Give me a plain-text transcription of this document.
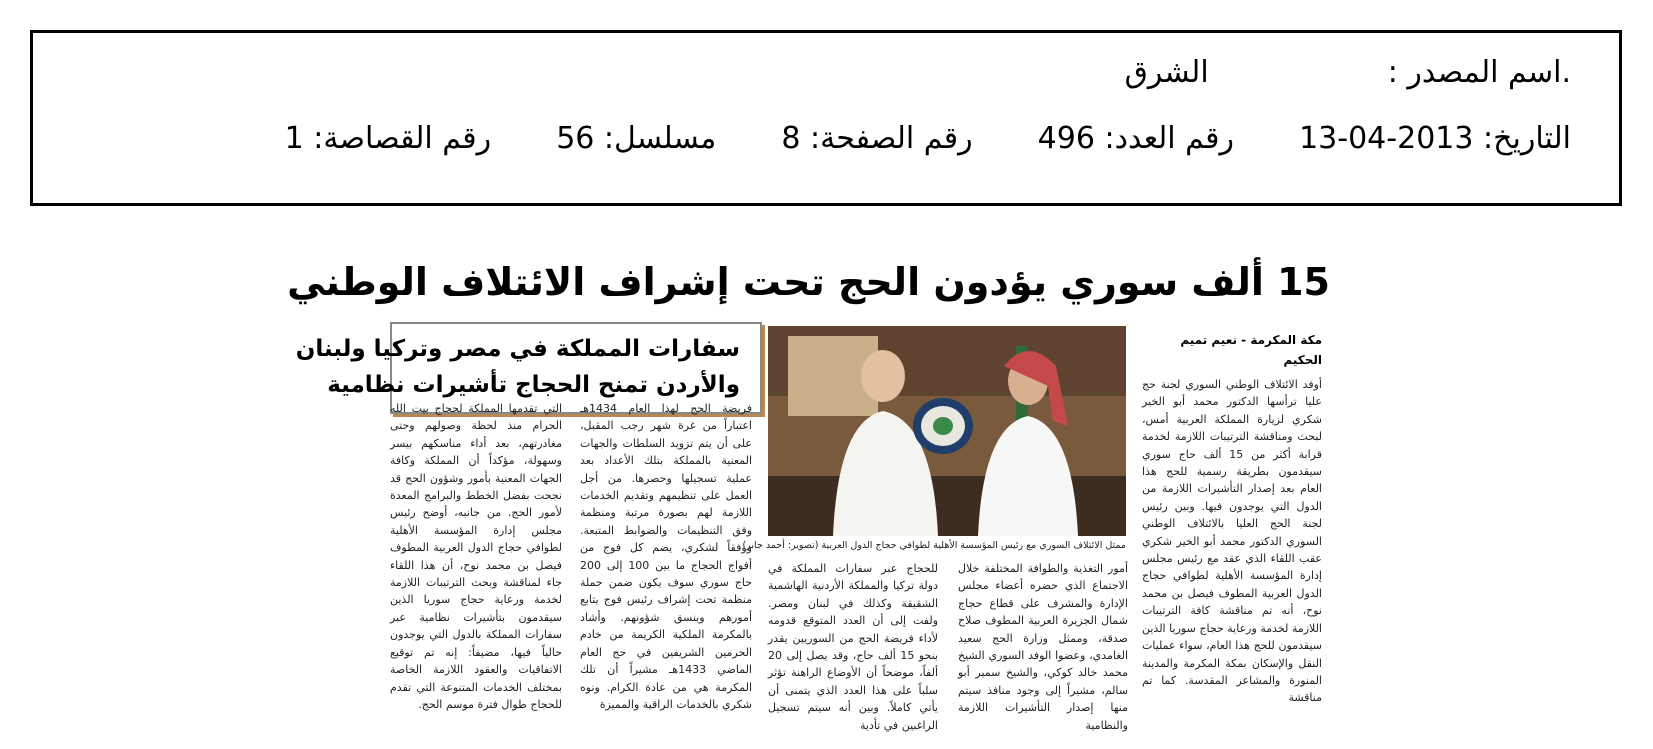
.اسم المصدر :  الشرق
التاريخ: 2013-04-13  رقم العدد: 496  رقم الصفحة: 8  مسلسل: 56  رقم القصاصة: 1
15 ألف سوري يؤدون الحج تحت إشراف الائتلاف الوطني
مكة المكرمة - نعيم تميم الحكيم

أوفد الائتلاف الوطني السوري لجنة حج عليا ترأسها الدكتور محمد أبو الخير شكري لزيارة المملكة العربية أمس، لبحث ومناقشة الترتيبات اللازمة لخدمة قرابة أكثر من 15 ألف حاج سوري سيقدمون بطريقة رسمية للحج هذا العام بعد إصدار التأشيرات اللازمة من الدول التي يوجدون فيها. وبين رئيس لجنة الحج العليا بالائتلاف الوطني السوري الدكتور محمد أبو الخير شكري عقب اللقاء الذي عقد مع رئيس مجلس إدارة المؤسسة الأهلية لطوافي حجاج الدول العربية المطوف فيصل بن محمد نوح، أنه تم مناقشة كافة الترتيبات اللازمة لخدمة ورعاية حجاج سوريا الذين سيقدمون للحج هذا العام، سواء عمليات النقل والإسكان بمكة المكرمة والمدينة المنورة والمشاعر المقدسة. كما تم مناقشة

ممثل الائتلاف السوري مع رئيس المؤسسة الأهلية لطوافي حجاج الدول العربية (تصوير: أحمد جابر)

أمور التغذية والطوافة المختلفة خلال الاجتماع الذي حضره أعضاء مجلس الإدارة والمشرف على قطاع حجاج شمال الجزيرة العربية المطوف صلاح صدقة، وممثل وزارة الحج سعيد الغامدي، وعضوا الوفد السوري الشيخ محمد خالد كوكي، والشيخ سمير أبو سالم، مشيراً إلى وجود منافذ سيتم منها إصدار التأشيرات اللازمة والنظامية

للحجاج عبر سفارات المملكة في دولة تركيا والمملكة الأردنية الهاشمية الشقيقة وكذلك في لبنان ومصر. ولفت إلى أن العدد المتوقع قدومه لأداء فريضة الحج من السوريين يقدر بنحو 15 ألف حاج، وقد يصل إلى 20 ألفاً، موضحاً أن الأوضاع الراهنة تؤثر سلباً على هذا العدد الذي يتمنى أن يأتي كاملاً. وبين أنه سيتم تسجيل الراغبين في تأدية

سفارات المملكة في مصر وتركيا ولبنان
والأردن تمنح الحجاج تأشيرات نظامية

فريضة الحج لهذا العام 1434هـ اعتباراً من غرة شهر رجب المقبل، على أن يتم تزويد السلطات والجهات المعنية بالمملكة بتلك الأعداد بعد عملية تسجيلها وحصرها. من أجل العمل على تنظيمهم وتقديم الخدمات اللازمة لهم بصورة مرتبة ومنظمة وفق التنظيمات والضوابط المتبعة. ووفقاً لشكري، يضم كل فوج من أفواج الحجاج ما بين 100 إلى 200 حاج سوري سوف يكون ضمن حملة منظمة تحت إشراف رئيس فوج يتابع أمورهم وينسق شؤونهم. وأشاد بالمكرمة الملكية الكريمة من خادم الحرمين الشريفين في حج العام الماضي 1433هـ مشيراً أن تلك المكرمة هي من عادة الكرام. ونوه شكري بالخدمات الراقية والمميزة

التي تقدمها المملكة لحجاج بيت الله الحرام منذ لحظة وصولهم وحتى مغادرتهم، بعد أداء مناسكهم بيسر وسهولة، مؤكداً أن المملكة وكافة الجهات المعنية بأمور وشؤون الحج قد نجحت بفضل الخطط والبرامج المعدة لأمور الحج. من جانبه، أوضح رئيس مجلس إدارة المؤسسة الأهلية لطوافي حجاج الدول العربية المطوف فيصل بن محمد نوح، أن هذا اللقاء جاء لمناقشة وبحث الترتيبات اللازمة لخدمة ورعاية حجاج سوريا الذين سيقدمون بتأشيرات نظامية عبر سفارات المملكة بالدول التي يوجدون حالياً فيها، مضيفاً: إنه تم توقيع الاتفاقيات والعقود اللازمة الخاصة بمختلف الخدمات المتنوعة التي تقدم للحجاج طوال فترة موسم الحج.
